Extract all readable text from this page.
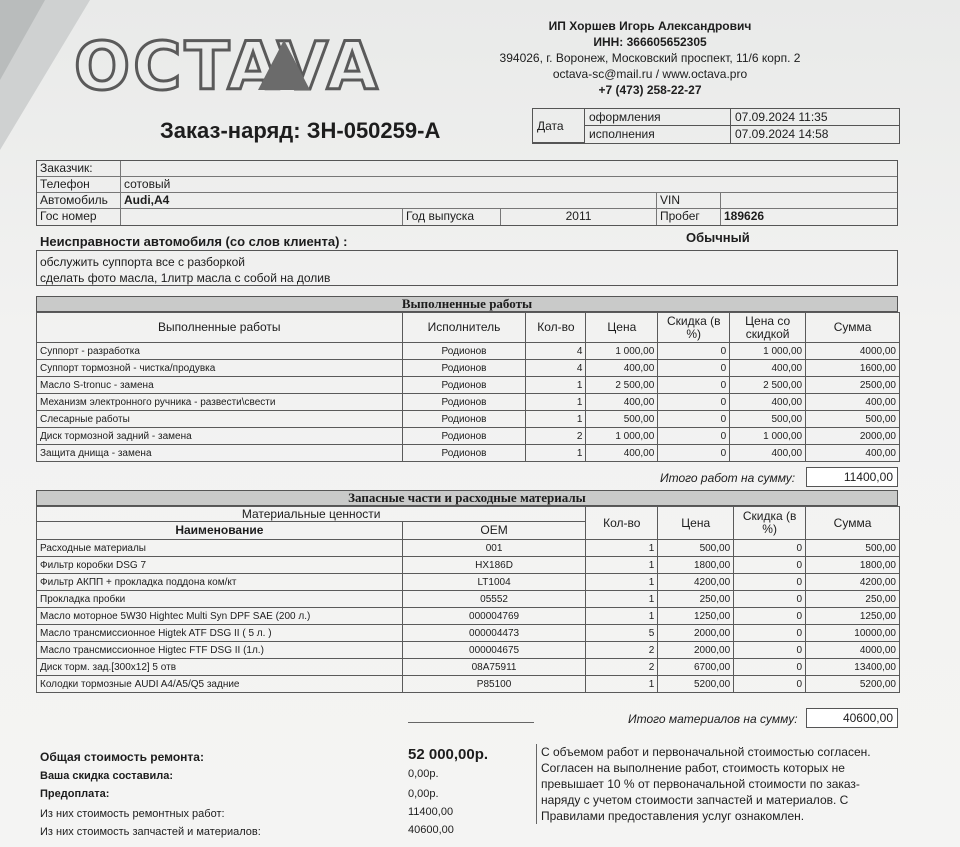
OCTAVA
ИП Хоршев Игорь Александрович
ИНН: 366605652305
394026, г. Воронеж, Московский проспект, 11/6 корп. 2
octava-sc@mail.ru / www.octava.pro
+7 (473) 258-22-27
Заказ-наряд: ЗН-050259-А	Дата
оформления	07.09.2024 11:35
исполнения	07.09.2024 14:58
Заказчик:
Телефон	сотовый
Автомобиль	Audi,A4	VIN
Гос номер	Год выпуска	2011	Пробег	189626
Неисправности автомобиля (со слов клиента) :	Обычный
обслужить суппорта все с разборкой
сделать фото масла, 1литр масла с собой на долив
Выполненные работы
Выполненные работы	Исполнитель	Кол-во	Цена	Скидка (в %)	Цена со скидкой	Сумма
Суппорт - разработка	Родионов	4	1 000,00	0	1 000,00	4000,00
Суппорт тормозной - чистка/продувка	Родионов	4	400,00	0	400,00	1600,00
Масло S-tronuc - замена	Родионов	1	2 500,00	0	2 500,00	2500,00
Механизм электронного ручника - развести\свести	Родионов	1	400,00	0	400,00	400,00
Слесарные работы	Родионов	1	500,00	0	500,00	500,00
Диск тормозной задний - замена	Родионов	2	1 000,00	0	1 000,00	2000,00
Защита днища - замена	Родионов	1	400,00	0	400,00	400,00
Итого работ на сумму:	11400,00
Запасные части и расходные материалы
Материальные ценности		Кол-во	Цена	Скидка (в %)	Сумма
Наименование	OEM				
Расходные материалы	001	1	500,00	0	500,00
Фильтр коробки DSG 7	HX186D	1	1800,00	0	1800,00
Фильтр АКПП + прокладка поддона ком/кт	LT1004	1	4200,00	0	4200,00
Прокладка пробки	05552	1	250,00	0	250,00
Масло моторное 5W30 Hightec Multi Syn DPF SAE (200 л.)	000004769	1	1250,00	0	1250,00
Масло трансмиссионное Higtek ATF DSG II ( 5 л. )	000004473	5	2000,00	0	10000,00
Масло трансмиссионное Higtec FTF DSG II (1л.)	000004675	2	2000,00	0	4000,00
Диск торм. зад.[300x12] 5 отв	08A75911	2	6700,00	0	13400,00
Колодки тормозные AUDI A4/A5/Q5 задние	P85100	1	5200,00	0	5200,00
Итого материалов на сумму:	40600,00
Общая стоимость ремонта:	52 000,00р.
Ваша скидка составила:	0,00р.
Предоплата:	0,00р.
Из них стоимость ремонтных работ:	11400,00
Из них стоимость запчастей и материалов:	40600,00
С объемом работ и первоначальной стоимостью согласен. Согласен на выполнение работ, стоимость которых не превышает 10 % от первоначальной стоимости по заказ-наряду с учетом стоимости запчастей и материалов. С Правилами предоставления услуг ознакомлен.
